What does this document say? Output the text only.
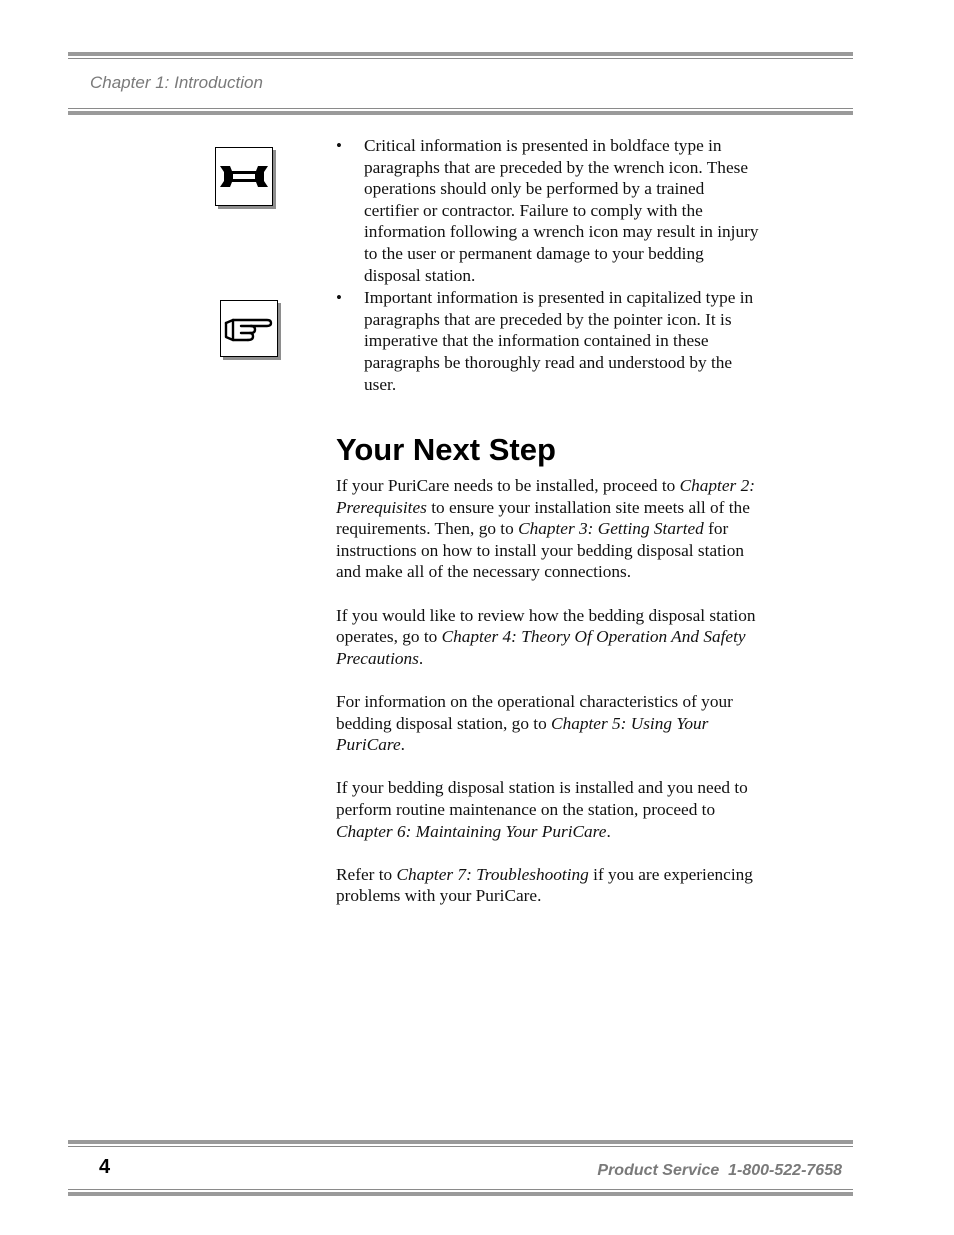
Chapter 1: Introduction
• Critical information is presented in boldface type in paragraphs that are preceded by the wrench icon. These operations should only be performed by a trained certifier or contractor. Failure to comply with the information following a wrench icon may result in injury to the user or permanent damage to your bedding disposal station.
• Important information is presented in capitalized type in paragraphs that are preceded by the pointer icon. It is imperative that the information contained in these paragraphs be thoroughly read and understood by the user.
Your Next Step

If your PuriCare needs to be installed, proceed to Chapter 2: Prerequisites to ensure your installation site meets all of the requirements. Then, go to Chapter 3: Getting Started for instructions on how to install your bedding disposal station and make all of the necessary connections.

If you would like to review how the bedding disposal station operates, go to Chapter 4: Theory Of Operation And Safety Precautions.

For information on the operational characteristics of your bedding disposal station, go to Chapter 5: Using Your PuriCare.

If your bedding disposal station is installed and you need to perform routine maintenance on the station, proceed to Chapter 6: Maintaining Your PuriCare.

Refer to Chapter 7: Troubleshooting if you are experiencing problems with your PuriCare.

4	Product Service  1-800-522-7658
